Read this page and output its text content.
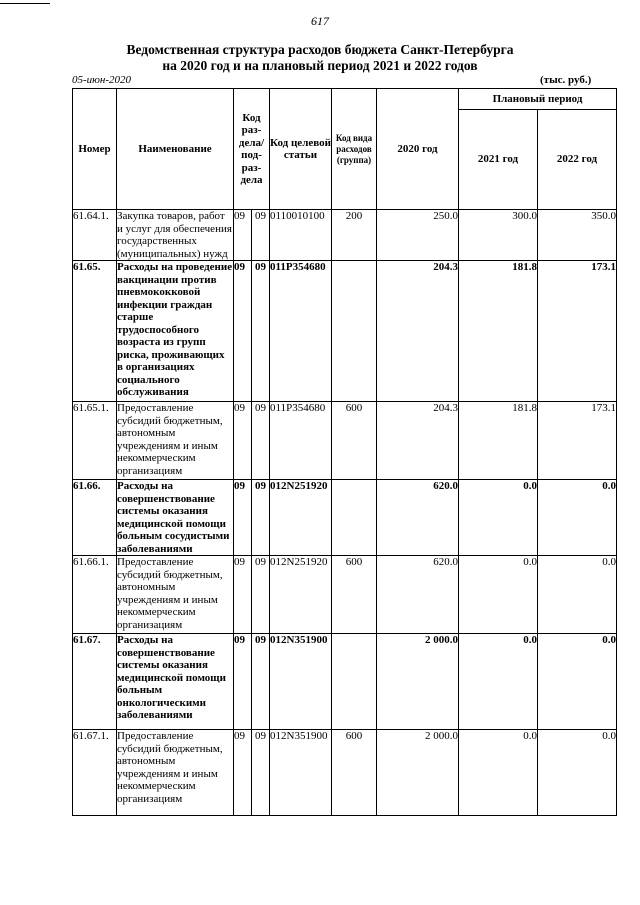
617
Ведомственная структура расходов бюджета Санкт-Петербурга
на 2020 год и на плановый период 2021 и 2022 годов
05-июн-2020	(тыс. руб.)
Номер	Наименование	Код раз-дела/ под-раз-дела		Код целевой статьи	Код вида расходов (группа)	2020 год	Плановый период	
							2021 год	2022 год
61.64.1.	Закупка товаров, работ и услуг для обеспечения государственных (муниципальных) нужд	09	09	0110010100	200	250.0	300.0	350.0
61.65.	Расходы на проведение вакцинации против пневмококковой инфекции граждан старше трудоспособного возраста из групп риска, проживающих в организациях социального обслуживания	09	09	011P354680		204.3	181.8	173.1
61.65.1.	Предоставление субсидий бюджетным, автономным учреждениям и иным некоммерческим организациям	09	09	011P354680	600	204.3	181.8	173.1
61.66.	Расходы на совершенствование системы оказания медицинской помощи больным сосудистыми заболеваниями	09	09	012N251920		620.0	0.0	0.0
61.66.1.	Предоставление субсидий бюджетным, автономным учреждениям и иным некоммерческим организациям	09	09	012N251920	600	620.0	0.0	0.0
61.67.	Расходы на совершенствование системы оказания медицинской помощи больным онкологическими заболеваниями	09	09	012N351900		2 000.0	0.0	0.0
61.67.1.	Предоставление субсидий бюджетным, автономным учреждениям и иным некоммерческим организациям	09	09	012N351900	600	2 000.0	0.0	0.0
